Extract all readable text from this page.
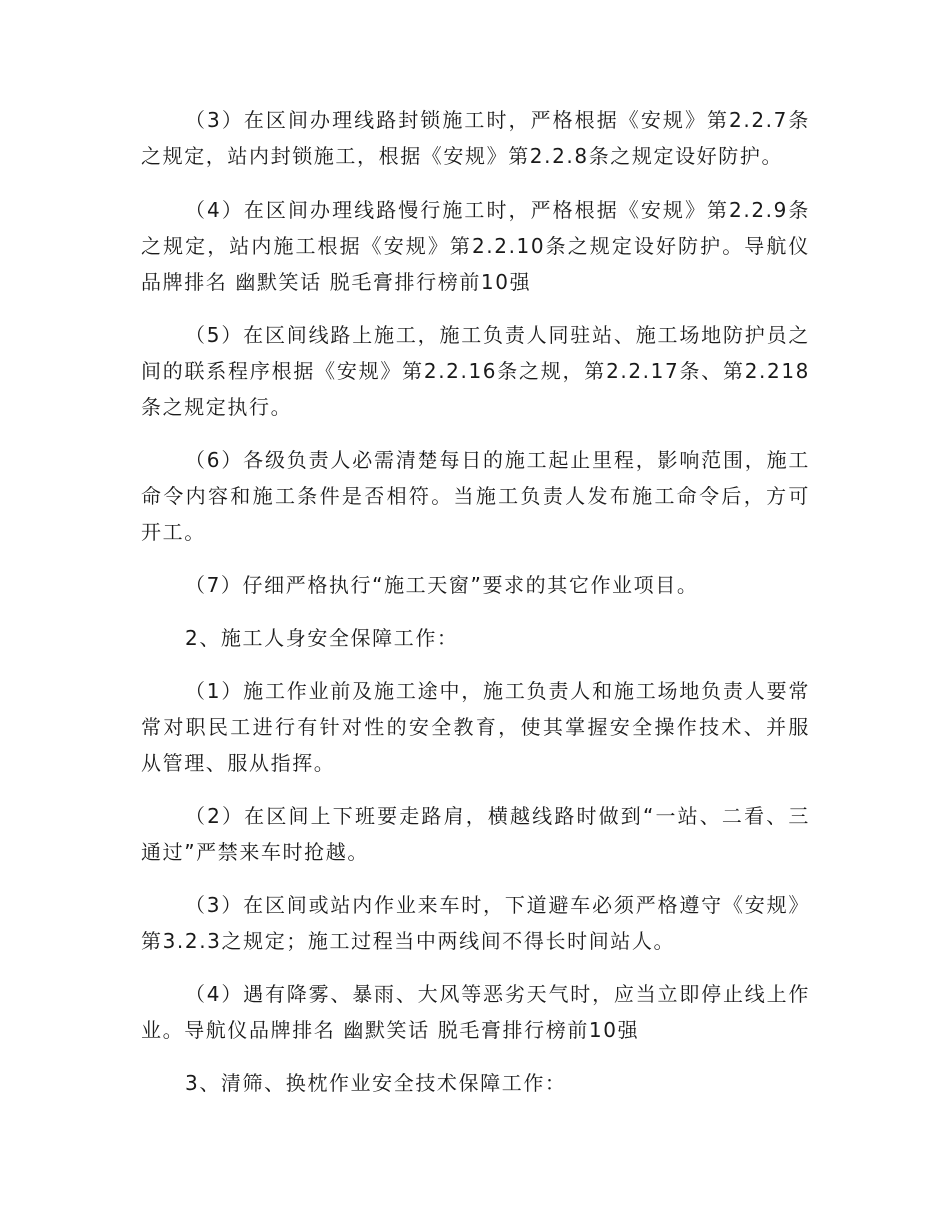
（3）在区间办理线路封锁施工时，严格根据《安规》第2.2.7条之规定，站内封锁施工，根据《安规》第2.2.8条之规定设好防护。

（4）在区间办理线路慢行施工时，严格根据《安规》第2.2.9条之规定，站内施工根据《安规》第2.2.10条之规定设好防护。导航仪品牌排名 幽默笑话 脱毛膏排行榜前10强

（5）在区间线路上施工，施工负责人同驻站、施工场地防护员之间的联系程序根据《安规》第2.2.16条之规，第2.2.17条、第2.218条之规定执行。

（6）各级负责人必需清楚每日的施工起止里程，影响范围，施工命令内容和施工条件是否相符。当施工负责人发布施工命令后，方可开工。

（7）仔细严格执行“施工天窗”要求的其它作业项目。

2、施工人身安全保障工作：

（1）施工作业前及施工途中，施工负责人和施工场地负责人要常常对职民工进行有针对性的安全教育，使其掌握安全操作技术、并服从管理、服从指挥。

（2）在区间上下班要走路肩，横越线路时做到“一站、二看、三通过”严禁来车时抢越。

（3）在区间或站内作业来车时，下道避车必须严格遵守《安规》第3.2.3之规定；施工过程当中两线间不得长时间站人。

（4）遇有降雾、暴雨、大风等恶劣天气时，应当立即停止线上作业。导航仪品牌排名 幽默笑话 脱毛膏排行榜前10强

3、清筛、换枕作业安全技术保障工作：
